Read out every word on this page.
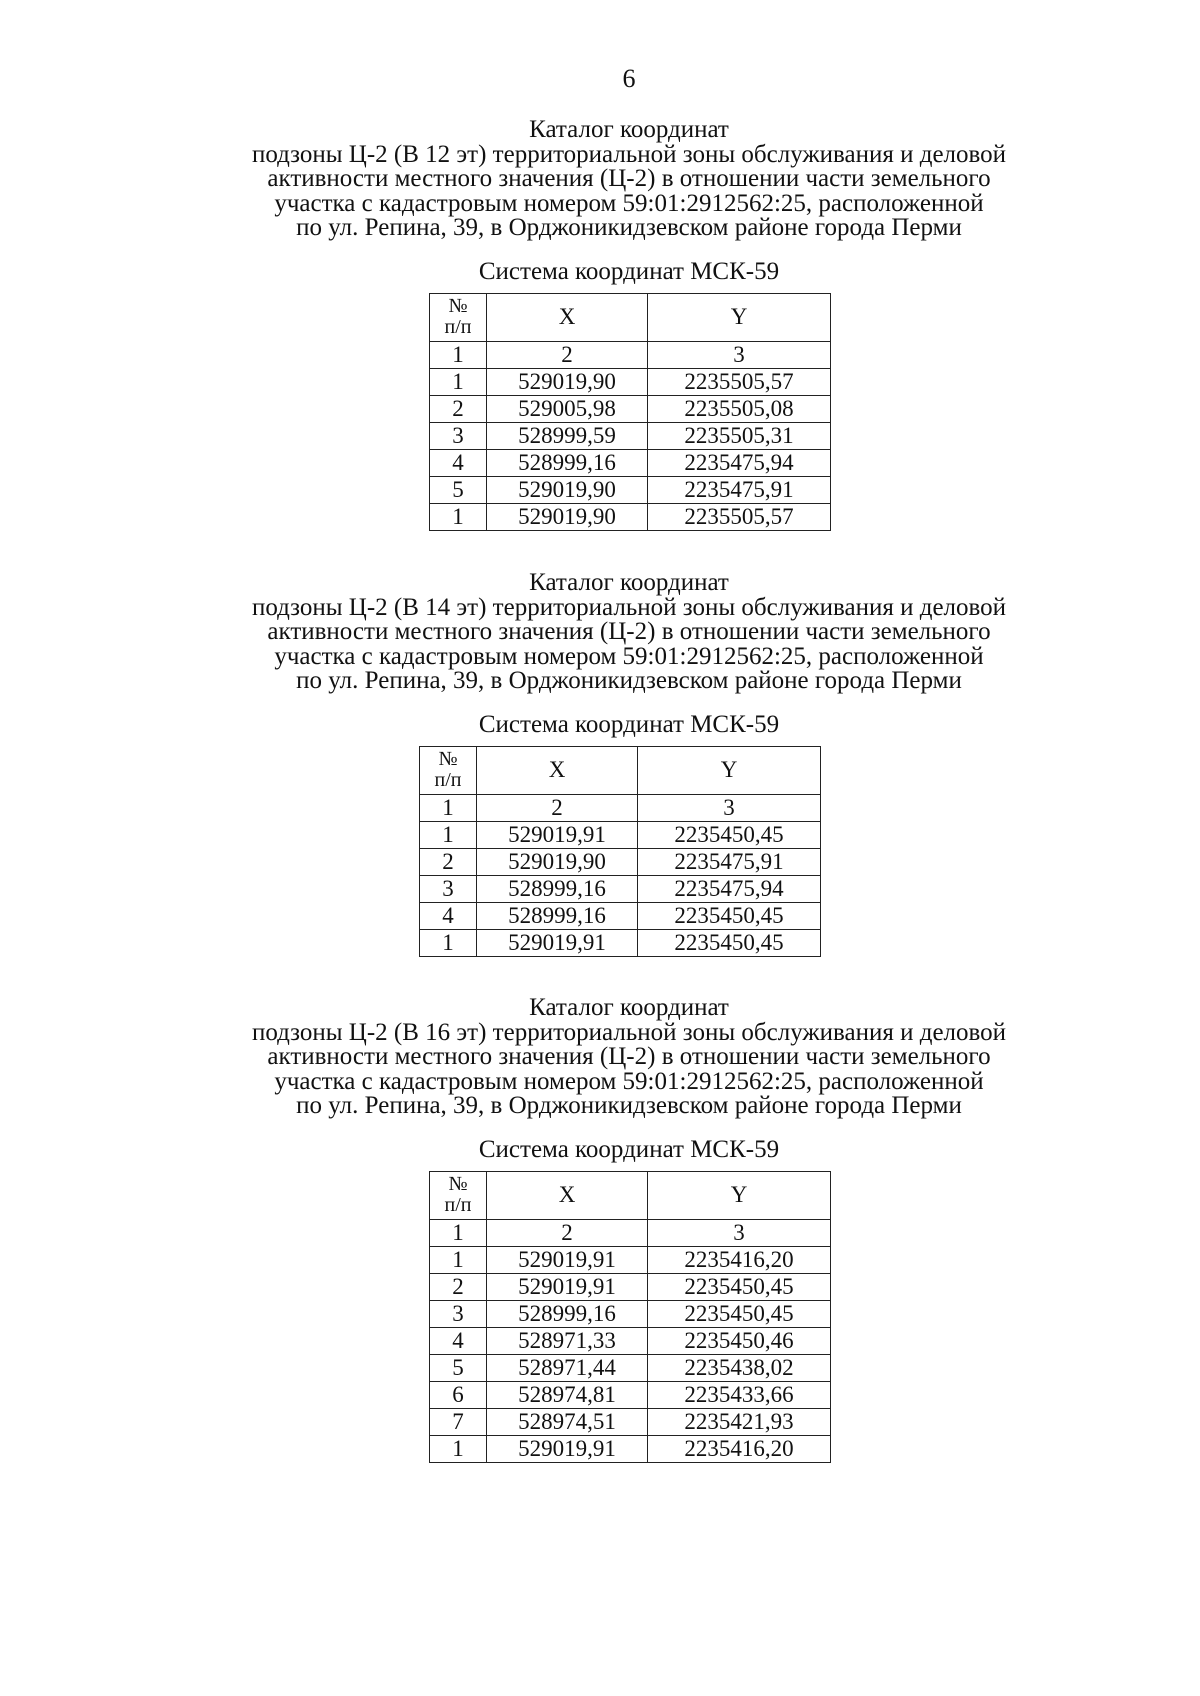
6
Каталог координат
подзоны Ц-2 (В 12 эт) территориальной зоны обслуживания и деловой
активности местного значения (Ц-2) в отношении части земельного
участка с кадастровым номером 59:01:2912562:25, расположенной
по ул. Репина, 39, в Орджоникидзевском районе города Перми
Система координат МСК-59
№
п/п	X	Y
1	2	3
1	529019,90	2235505,57
2	529005,98	2235505,08
3	528999,59	2235505,31
4	528999,16	2235475,94
5	529019,90	2235475,91
1	529019,90	2235505,57
Каталог координат
подзоны Ц-2 (В 14 эт) территориальной зоны обслуживания и деловой
активности местного значения (Ц-2) в отношении части земельного
участка с кадастровым номером 59:01:2912562:25, расположенной
по ул. Репина, 39, в Орджоникидзевском районе города Перми
Система координат МСК-59
№
п/п	X	Y
1	2	3
1	529019,91	2235450,45
2	529019,90	2235475,91
3	528999,16	2235475,94
4	528999,16	2235450,45
1	529019,91	2235450,45
Каталог координат
подзоны Ц-2 (В 16 эт) территориальной зоны обслуживания и деловой
активности местного значения (Ц-2) в отношении части земельного
участка с кадастровым номером 59:01:2912562:25, расположенной
по ул. Репина, 39, в Орджоникидзевском районе города Перми
Система координат МСК-59
№
п/п	X	Y
1	2	3
1	529019,91	2235416,20
2	529019,91	2235450,45
3	528999,16	2235450,45
4	528971,33	2235450,46
5	528971,44	2235438,02
6	528974,81	2235433,66
7	528974,51	2235421,93
1	529019,91	2235416,20
